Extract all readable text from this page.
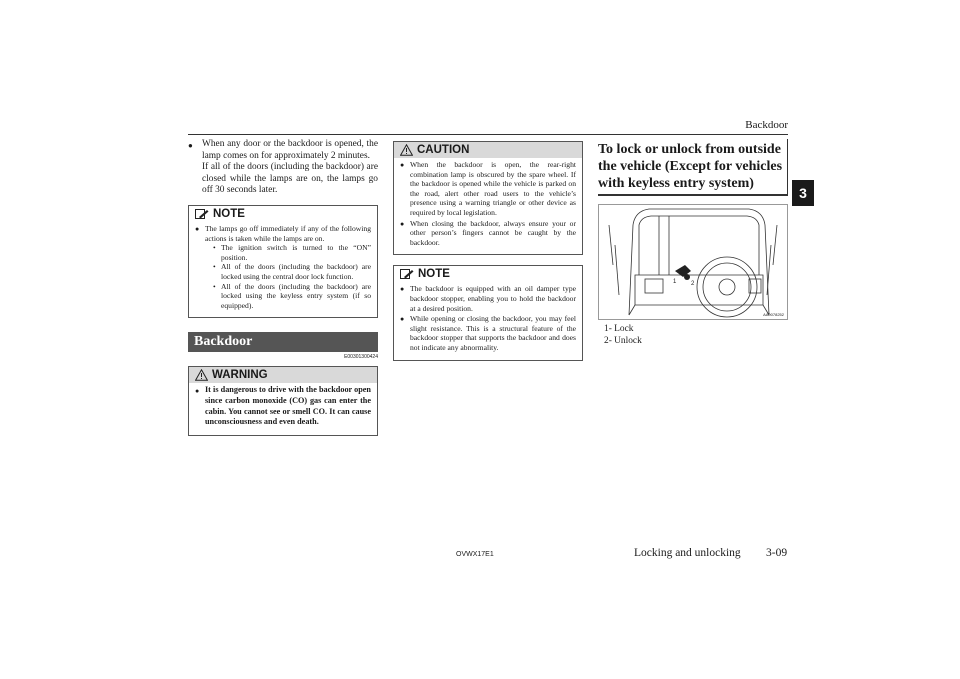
Backdoor
3
● When any door or the backdoor is opened, the lamp comes on for approximately 2 minutes.

If all of the doors (including the backdoor) are closed while the lamps are on, the lamps go off 30 seconds later.

NOTE
● The lamps go off immediately if any of the following actions is taken while the lamps are on.
• The ignition switch is turned to the “ON” position.
• All of the doors (including the backdoor) are locked using the central door lock function.
• All of the doors (including the backdoor) are locked using the keyless entry system (if so equipped).
Backdoor
E00301300424
WARNING
● It is dangerous to drive with the backdoor open since carbon monoxide (CO) gas can enter the cabin. You cannot see or smell CO. It can cause unconsciousness and even death.
CAUTION
● When the backdoor is open, the rear-right combination lamp is obscured by the spare wheel. If the backdoor is opened while the vehicle is parked on the road, alert other road users to the vehicle’s presence using a warning triangle or other device as required by local legislation.
● When closing the backdoor, always ensure your or other person’s fingers cannot be caught by the backdoor.
NOTE
● The backdoor is equipped with an oil damper type backdoor stopper, enabling you to hold the backdoor at a desired position.
● While opening or closing the backdoor, you may feel slight resistance. This is a structural feature of the backdoor stopper that supports the backdoor and does not indicate any abnormality.
To lock or unlock from outside the vehicle (Except for vehicles with keyless entry system)
1 2
AA0078252
1- Lock
2- Unlock
OVWX17E1	Locking and unlocking 3-09
